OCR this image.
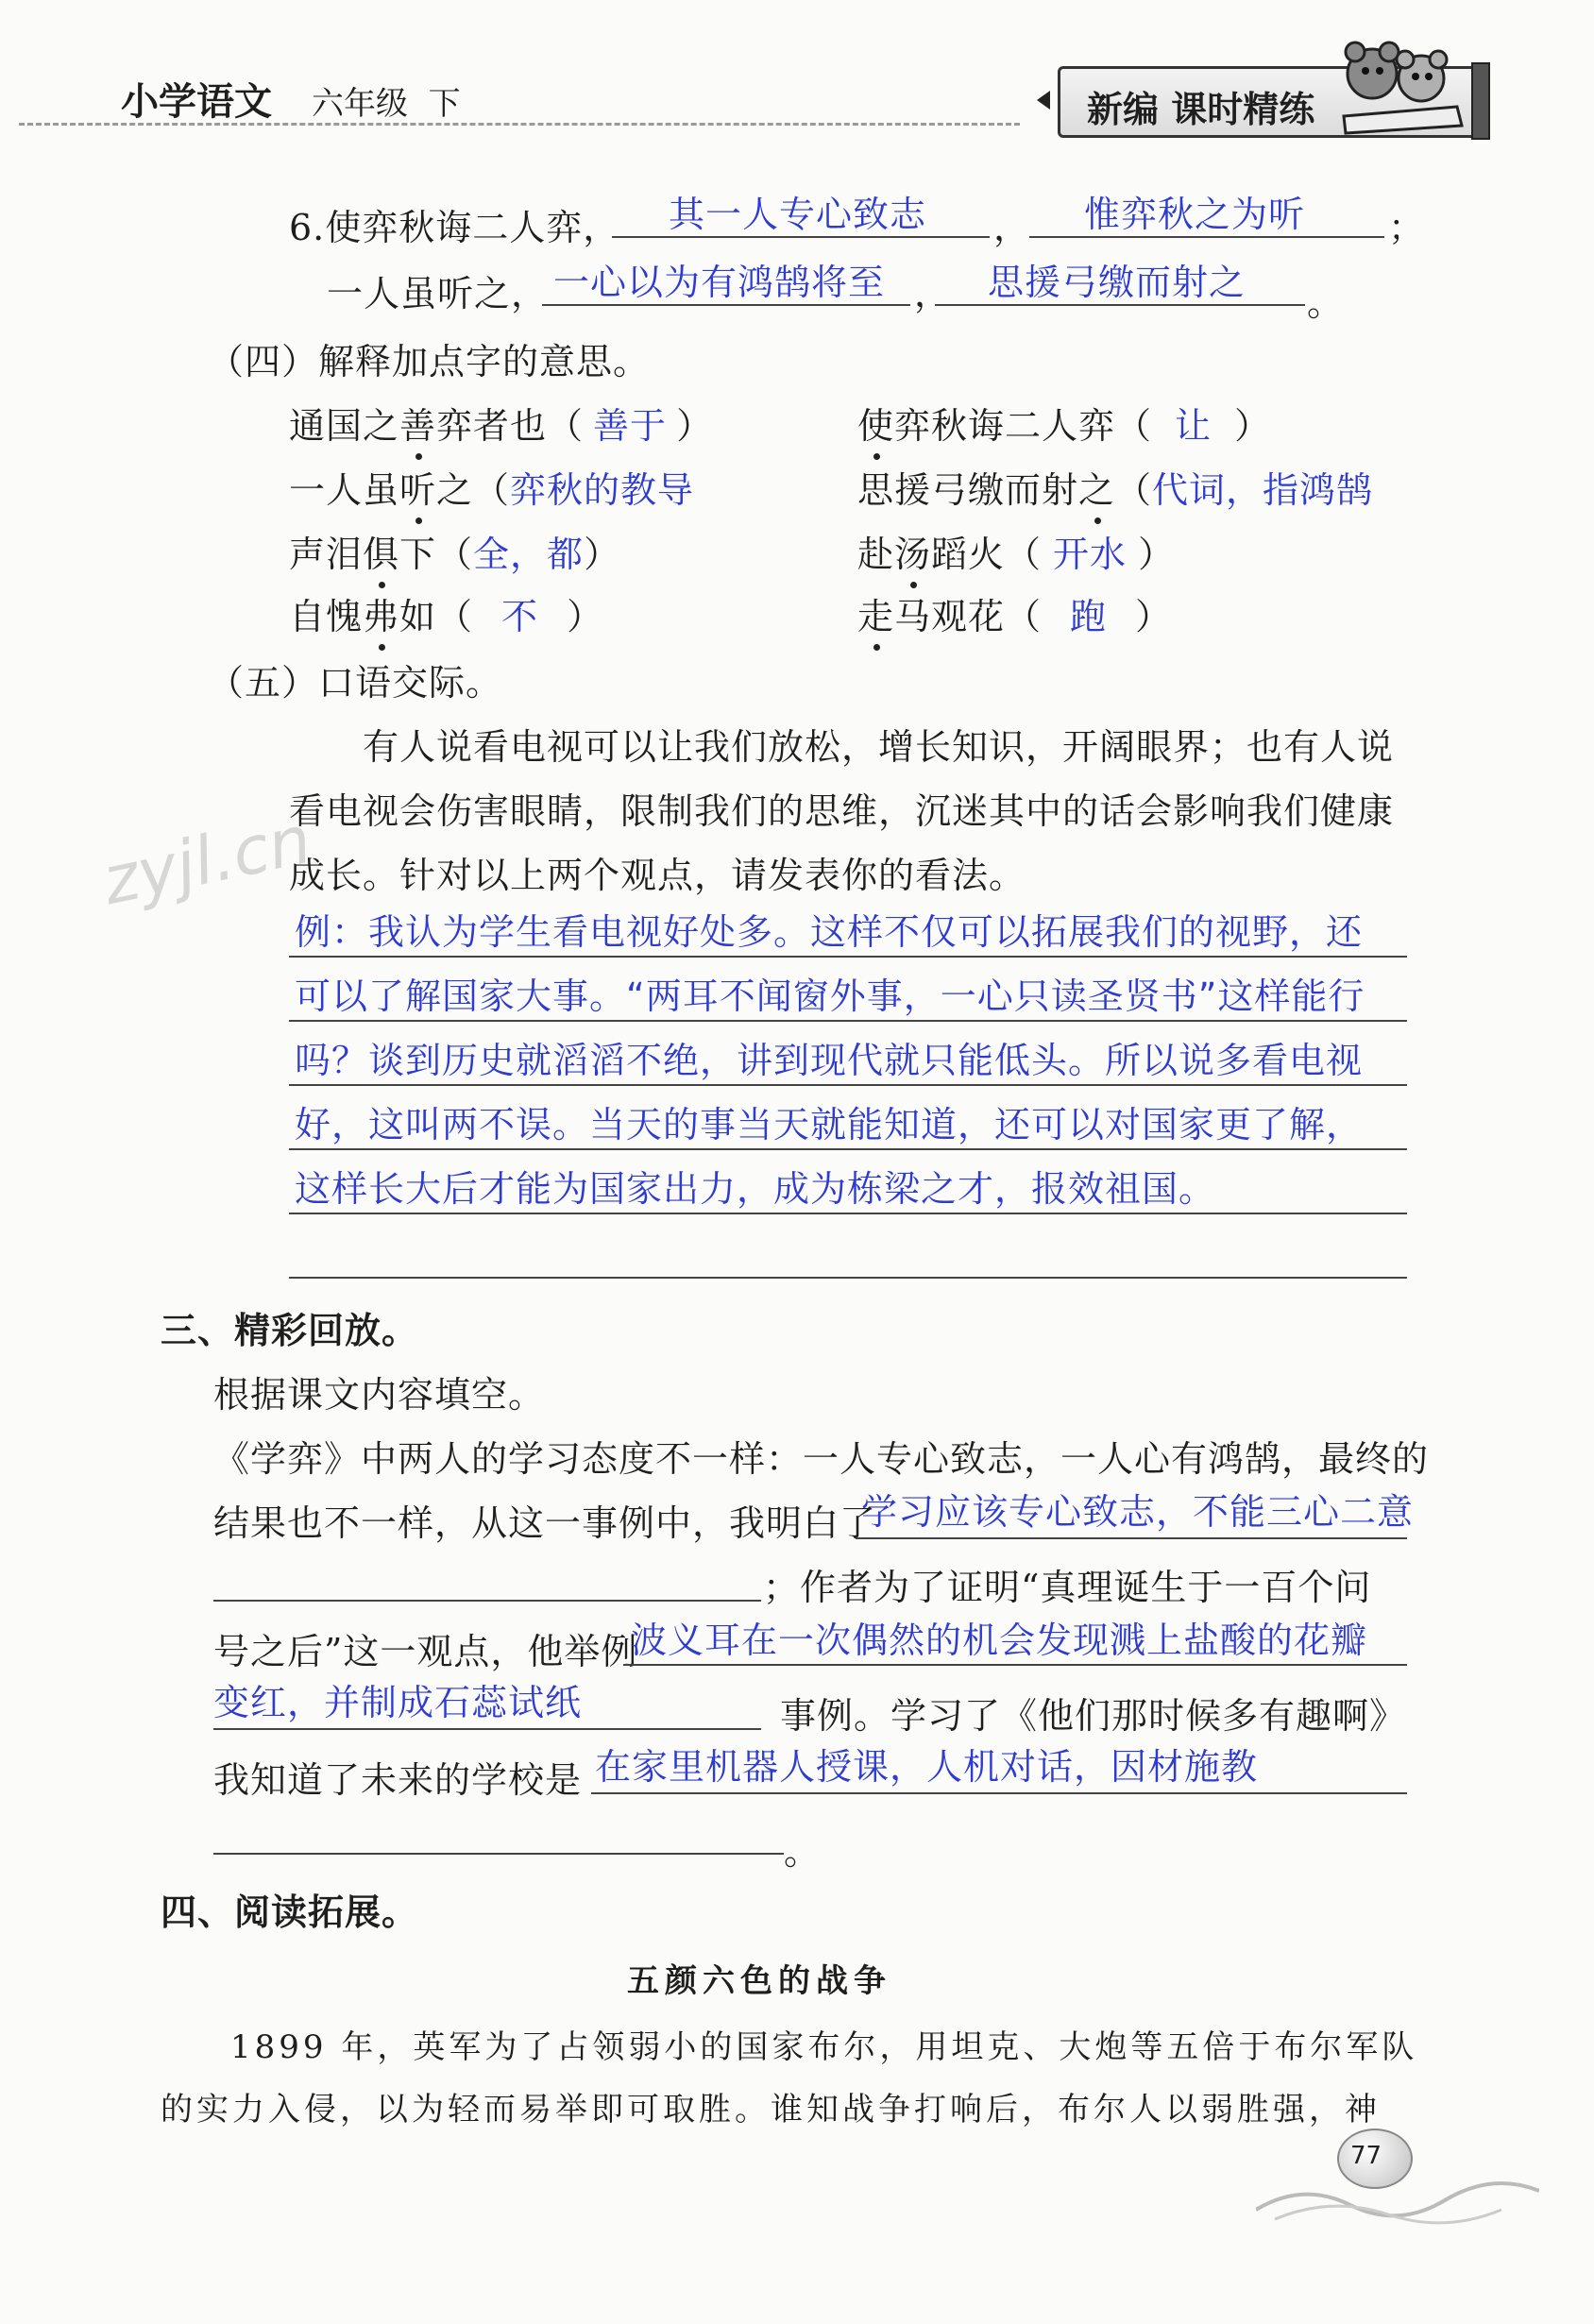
小学语文 六年级 下	新编 课时精练
6.使弈秋诲二人弈， 其一人专心致志 ， 惟弈秋之为听 ；
一人虽听之， 一心以为有鸿鹄将至 ， 思援弓缴而射之 。
（四）解释加点字的意思。
通国之善弈者也（ 善于 ）	使弈秋诲二人弈（ 让 ）
一人虽听之（弈秋的教导	思援弓缴而射之（代词，指鸿鹄
声泪俱下（全，都）	赴汤蹈火（ 开水 ）
自愧弗如（ 不 ）	走马观花（ 跑 ）
（五）口语交际。
有人说看电视可以让我们放松，增长知识，开阔眼界；也有人说
看电视会伤害眼睛，限制我们的思维，沉迷其中的话会影响我们健康
成长。针对以上两个观点，请发表你的看法。
zyjl.cn
例：我认为学生看电视好处多。这样不仅可以拓展我们的视野，还
可以了解国家大事。“两耳不闻窗外事，一心只读圣贤书”这样能行
吗？谈到历史就滔滔不绝，讲到现代就只能低头。所以说多看电视
好，这叫两不误。当天的事当天就能知道，还可以对国家更了解，
这样长大后才能为国家出力，成为栋梁之才，报效祖国。
三、精彩回放。
根据课文内容填空。
《学弈》中两人的学习态度不一样：一人专心致志，一人心有鸿鹄，最终的
结果也不一样，从这一事例中，我明白了
学习应该专心致志，不能三心二意
；作者为了证明“真理诞生于一百个问
号之后”这一观点，他举例
波义耳在一次偶然的机会发现溅上盐酸的花瓣
变红，并制成石蕊试纸	事例。学习了《他们那时候多有趣啊》
我知道了未来的学校是 在家里机器人授课，人机对话，因材施教
。
四、阅读拓展。
五颜六色的战争
1899 年，英军为了占领弱小的国家布尔，用坦克、大炮等五倍于布尔军队
的实力入侵，以为轻而易举即可取胜。谁知战争打响后，布尔人以弱胜强，神
77
